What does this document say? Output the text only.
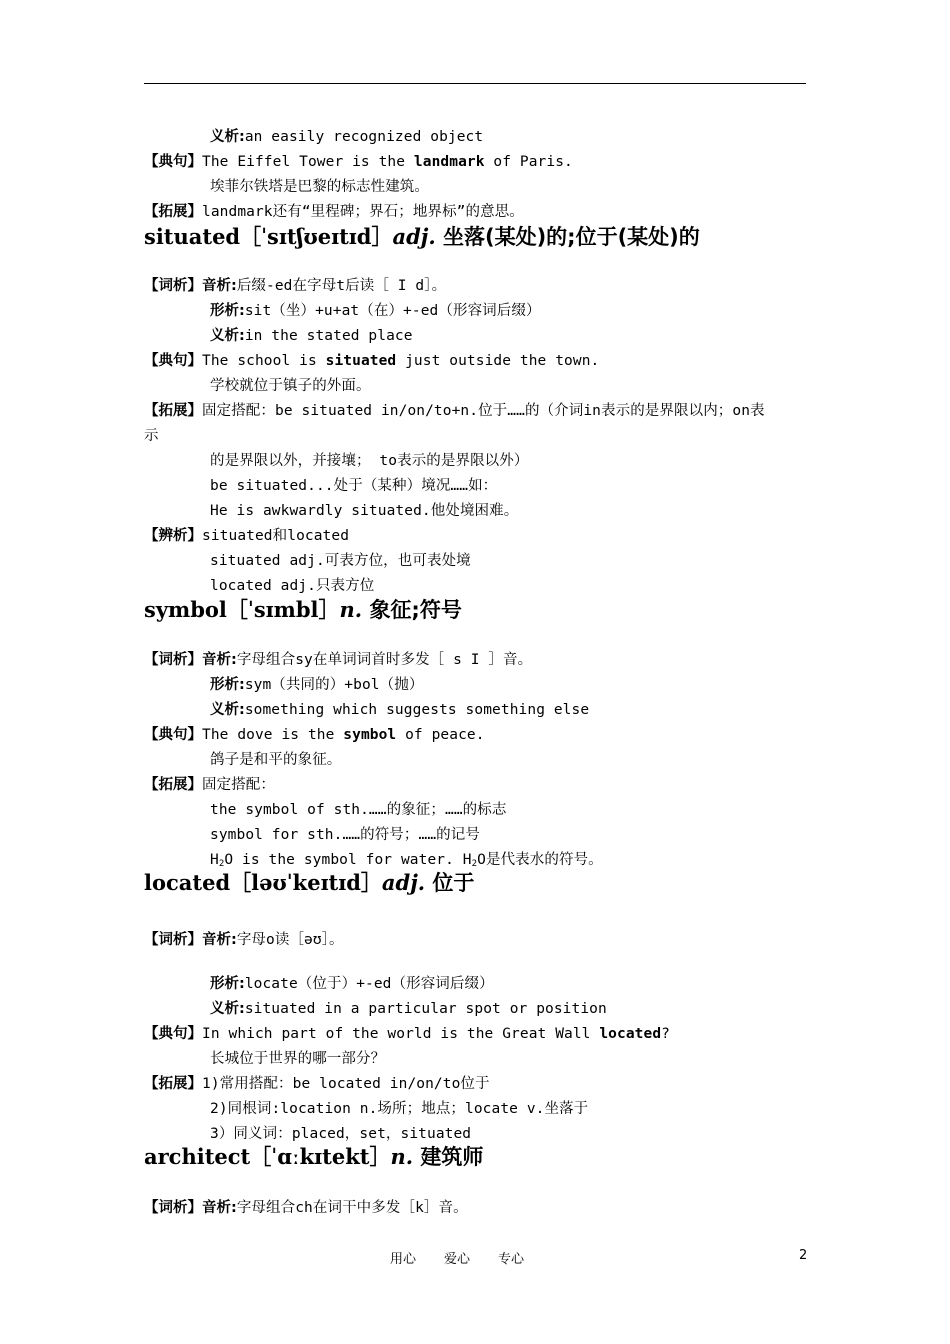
义析:an easily recognized object
【典句】The Eiffel Tower is the landmark of Paris.
埃菲尔铁塔是巴黎的标志性建筑。
【拓展】landmark还有“里程碑；界石；地界标”的意思。
situated［ˈsɪtʃʊeɪtɪd］adj. 坐落(某处)的;位于(某处)的
【词析】音析:后缀-ed在字母t后读［ I d］。
形析:sit（坐）+u+at（在）+-ed（形容词后缀）
义析:in the stated place
【典句】The school is situated just outside the town.
学校就位于镇子的外面。
【拓展】固定搭配：be situated in/on/to+n.位于……的（介词in表示的是界限以内；on表
示
的是界限以外，并接壤； to表示的是界限以外）
be situated...处于（某种）境况……如：
He is awkwardly situated.他处境困难。
【辨析】situated和located
situated adj.可表方位，也可表处境
located adj.只表方位
symbol［ˈsɪmbl］n. 象征;符号
【词析】音析:字母组合sy在单词词首时多发［ s I ］音。
形析:sym（共同的）+bol（抛）
义析:something which suggests something else
【典句】The dove is the symbol of peace.
鸽子是和平的象征。
【拓展】固定搭配：
the symbol of sth.……的象征；……的标志
symbol for sth.……的符号；……的记号
$H_2O$ is the symbol for water. $H_2O$是代表水的符号。
located［ləʊˈkeɪtɪd］adj. 位于
【词析】音析:字母o读［əʊ］。
形析:locate（位于）+-ed（形容词后缀）
义析:situated in a particular spot or position
【典句】In which part of the world is the Great Wall located?
长城位于世界的哪一部分？
【拓展】1)常用搭配：be located in/on/to位于
2)同根词:location n.场所；地点；locate v.坐落于
3）同义词：placed，set，situated
architect［ˈɑːkɪtekt］n. 建筑师
【词析】音析:字母组合ch在词干中多发［k］音。
用心 爱心 专心	2
